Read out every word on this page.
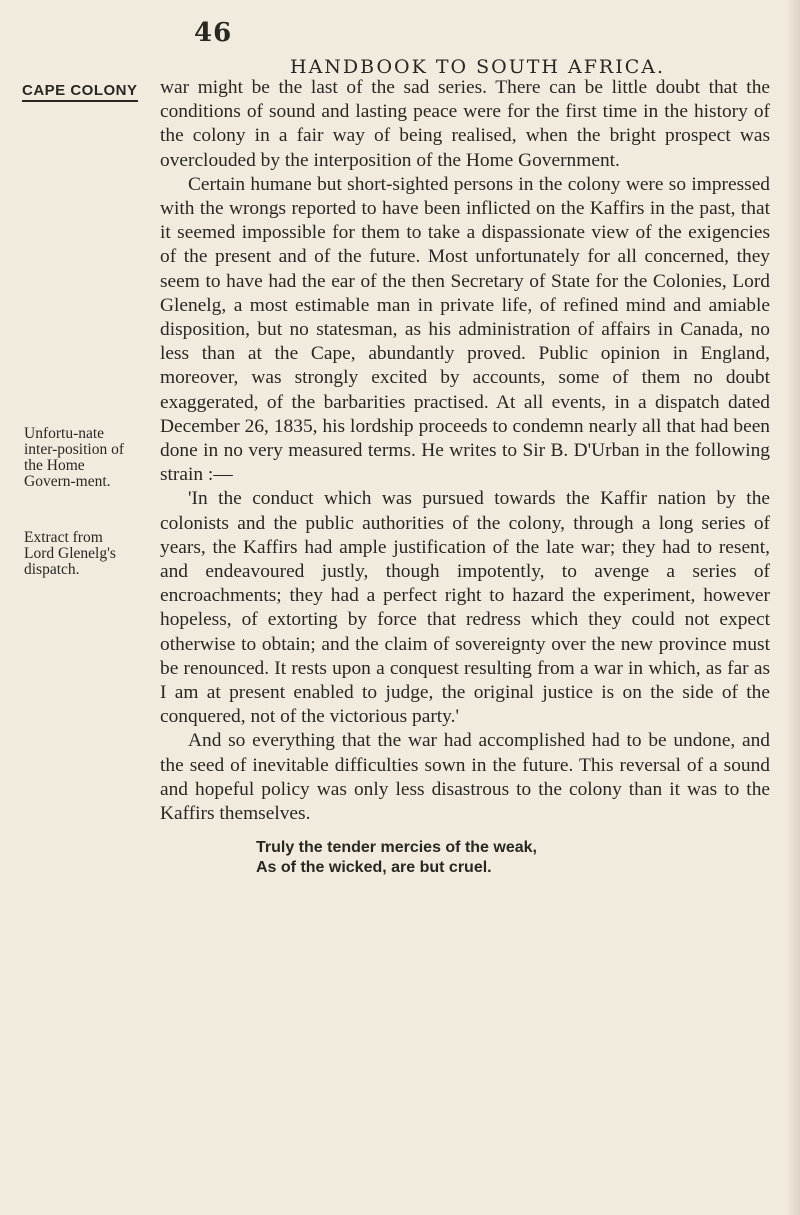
46
HANDBOOK TO SOUTH AFRICA.
CAPE COLONY
Unfortu-nate inter-position of the Home Govern-ment.
Extract from Lord Glenelg's dispatch.

war might be the last of the sad series. There can be little doubt that the conditions of sound and lasting peace were for the first time in the history of the colony in a fair way of being realised, when the bright prospect was overclouded by the interposition of the Home Government.

Certain humane but short-sighted persons in the colony were so impressed with the wrongs reported to have been inflicted on the Kaffirs in the past, that it seemed impossible for them to take a dispassionate view of the exigencies of the present and of the future. Most unfortunately for all concerned, they seem to have had the ear of the then Secretary of State for the Colonies, Lord Glenelg, a most estimable man in private life, of refined mind and amiable disposition, but no statesman, as his administration of affairs in Canada, no less than at the Cape, abundantly proved. Public opinion in England, moreover, was strongly excited by accounts, some of them no doubt exaggerated, of the barbarities practised. At all events, in a dispatch dated December 26, 1835, his lordship proceeds to condemn nearly all that had been done in no very measured terms. He writes to Sir B. D'Urban in the following strain :—

'In the conduct which was pursued towards the Kaffir nation by the colonists and the public authorities of the colony, through a long series of years, the Kaffirs had ample justification of the late war; they had to resent, and endeavoured justly, though impotently, to avenge a series of encroachments; they had a perfect right to hazard the experiment, however hopeless, of extorting by force that redress which they could not expect otherwise to obtain; and the claim of sovereignty over the new province must be renounced. It rests upon a conquest resulting from a war in which, as far as I am at present enabled to judge, the original justice is on the side of the conquered, not of the victorious party.'

And so everything that the war had accomplished had to be undone, and the seed of inevitable difficulties sown in the future. This reversal of a sound and hopeful policy was only less disastrous to the colony than it was to the Kaffirs themselves.

Truly the tender mercies of the weak,
As of the wicked, are but cruel.
